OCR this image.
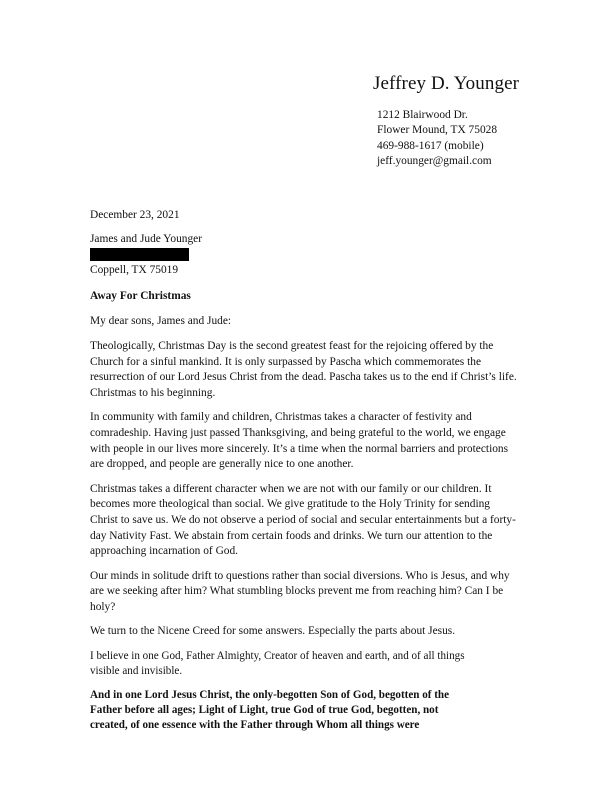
Jeffrey D. Younger
1212 Blairwood Dr.
Flower Mound, TX 75028
469-988-1617 (mobile)
jeff.younger@gmail.com

December 23, 2021

James and Jude Younger

Coppell, TX 75019

Away For Christmas

My dear sons, James and Jude:

Theologically, Christmas Day is the second greatest feast for the rejoicing offered by the Church for a sinful mankind. It is only surpassed by Pascha which commemorates the resurrection of our Lord Jesus Christ from the dead. Pascha takes us to the end if Christ’s life. Christmas to his beginning.

In community with family and children, Christmas takes a character of festivity and comradeship. Having just passed Thanksgiving, and being grateful to the world, we engage with people in our lives more sincerely. It’s a time when the normal barriers and protections are dropped, and people are generally nice to one another.

Christmas takes a different character when we are not with our family or our children. It becomes more theological than social. We give gratitude to the Holy Trinity for sending Christ to save us. We do not observe a period of social and secular entertainments but a forty-day Nativity Fast. We abstain from certain foods and drinks. We turn our attention to the approaching incarnation of God.

Our minds in solitude drift to questions rather than social diversions. Who is Jesus, and why are we seeking after him? What stumbling blocks prevent me from reaching him? Can I be holy?

We turn to the Nicene Creed for some answers. Especially the parts about Jesus.

I believe in one God, Father Almighty, Creator of heaven and earth, and of all things visible and invisible.

And in one Lord Jesus Christ, the only-begotten Son of God, begotten of the Father before all ages; Light of Light, true God of true God, begotten, not created, of one essence with the Father through Whom all things were
